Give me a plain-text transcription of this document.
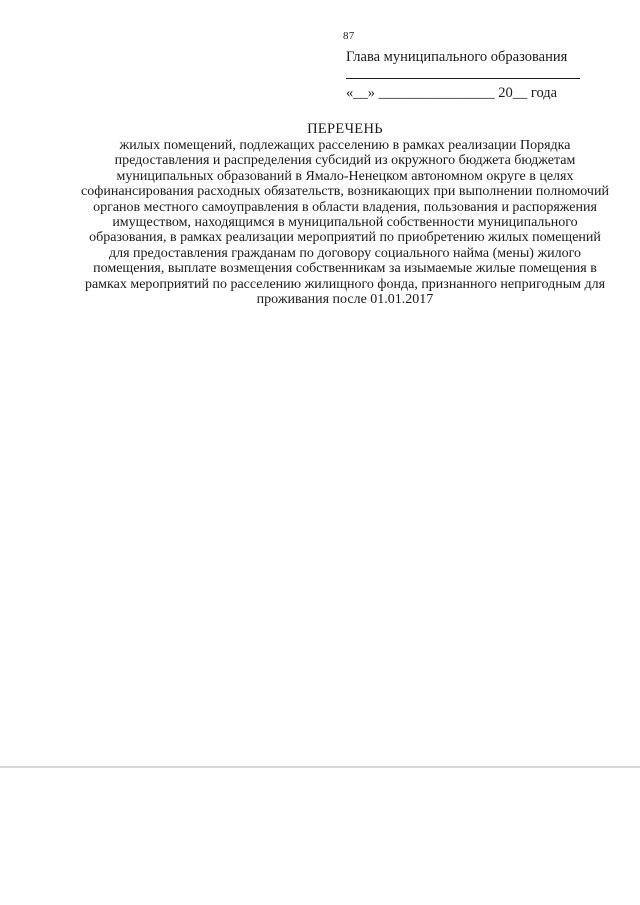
87
Глава муниципального образования
«__» ________________ 20__ года
ПЕРЕЧЕНЬ
жилых помещений, подлежащих расселению в рамках реализации Порядка предоставления и распределения субсидий из окружного бюджета бюджетам муниципальных образований в Ямало-Ненецком автономном округе в целях софинансирования расходных обязательств, возникающих при выполнении полномочий органов местного самоуправления в области владения, пользования и распоряжения имуществом, находящимся в муниципальной собственности муниципального образования, в рамках реализации мероприятий по приобретению жилых помещений для предоставления гражданам по договору социального найма (мены) жилого помещения, выплате возмещения собственникам за изымаемые жилые помещения в рамках мероприятий по расселению жилищного фонда, признанного непригодным для проживания после 01.01.2017
